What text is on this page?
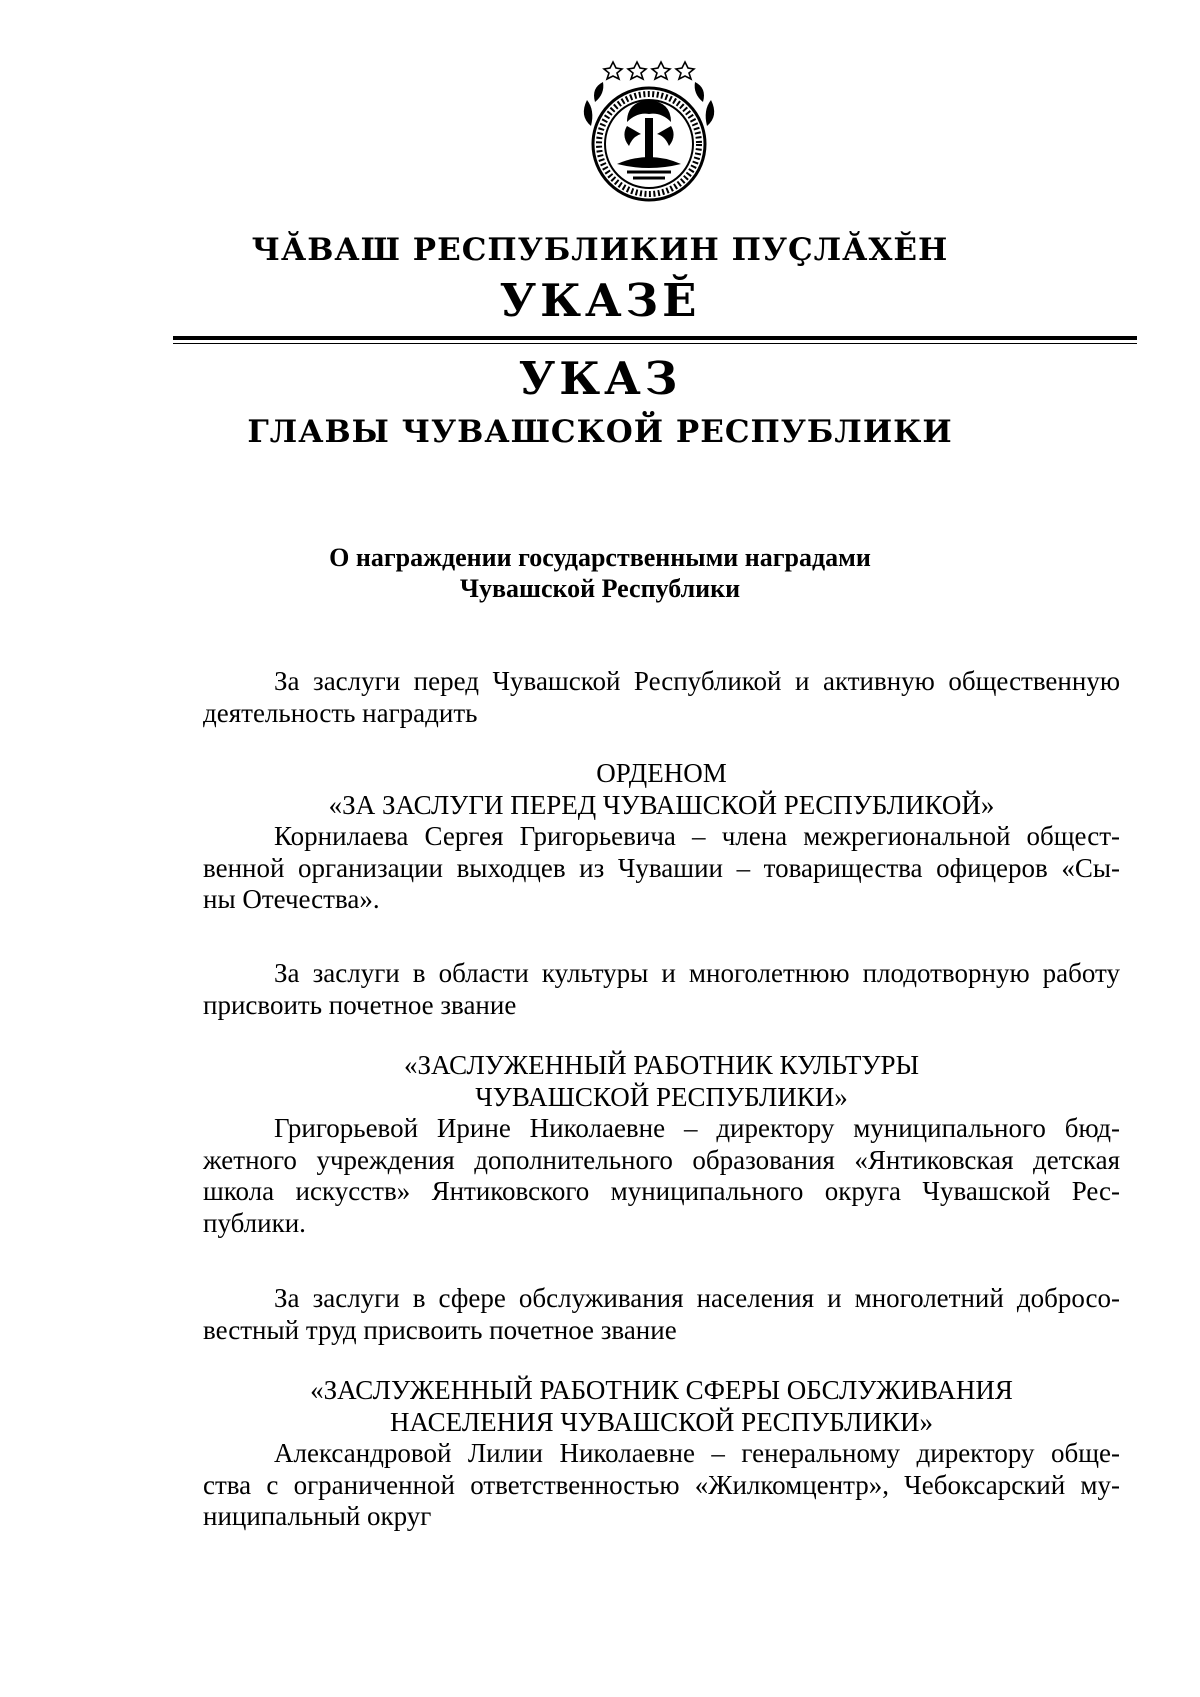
ЧӐВАШ РЕСПУБЛИКИН ПУҪЛӐХӖН
УКАЗӖ
УКАЗ
ГЛАВЫ ЧУВАШСКОЙ РЕСПУБЛИКИ
О награждении государственными наградами
Чувашской Республики

За заслуги перед Чувашской Республикой и активную общественную

деятельность наградить

ОРДЕНОМ

«ЗА ЗАСЛУГИ ПЕРЕД ЧУВАШСКОЙ РЕСПУБЛИКОЙ»

Корнилаева Сергея Григорьевича – члена межрегиональной общест-

венной организации выходцев из Чувашии – товарищества офицеров «Сы-

ны Отечества».

За заслуги в области культуры и многолетнюю плодотворную работу

присвоить почетное звание

«ЗАСЛУЖЕННЫЙ РАБОТНИК КУЛЬТУРЫ

ЧУВАШСКОЙ РЕСПУБЛИКИ»

Григорьевой Ирине Николаевне – директору муниципального бюд-

жетного учреждения дополнительного образования «Янтиковская детская

школа искусств» Янтиковского муниципального округа Чувашской Рес-

публики.

За заслуги в сфере обслуживания населения и многолетний добросо-

вестный труд присвоить почетное звание

«ЗАСЛУЖЕННЫЙ РАБОТНИК СФЕРЫ ОБСЛУЖИВАНИЯ

НАСЕЛЕНИЯ ЧУВАШСКОЙ РЕСПУБЛИКИ»

Александровой Лилии Николаевне – генеральному директору обще-

ства с ограниченной ответственностью «Жилкомцентр», Чебоксарский му-

ниципальный округ
